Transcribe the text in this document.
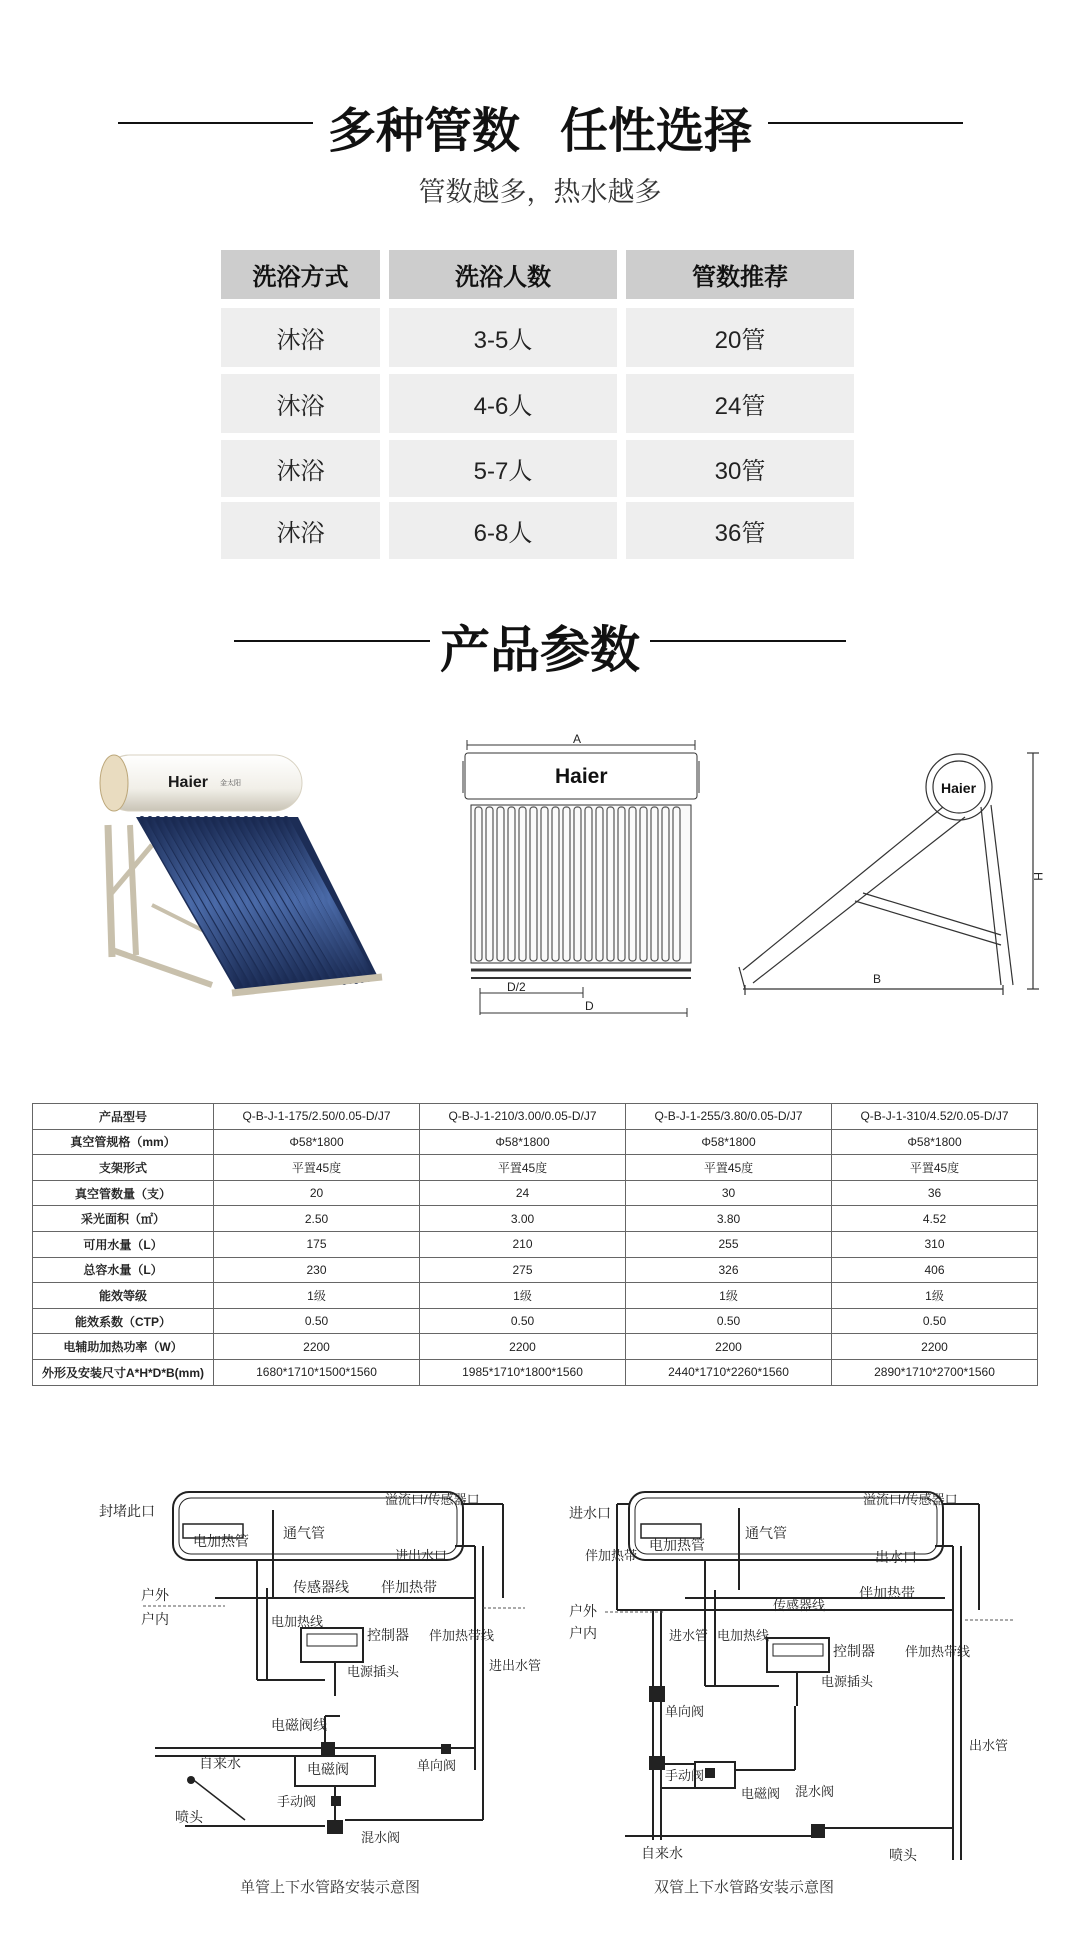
多种管数   任性选择
管数越多，热水越多
洗浴方式	洗浴人数	管数推荐
沐浴	3-5人	20管
沐浴	4-6人	24管
沐浴	5-7人	30管
沐浴	6-8人	36管
产品参数
Haier 金太阳
A
Haier
D/2
D
Haier
B
H
产品型号	Q-B-J-1-175/2.50/0.05-D/J7	Q-B-J-1-210/3.00/0.05-D/J7	Q-B-J-1-255/3.80/0.05-D/J7	Q-B-J-1-310/4.52/0.05-D/J7
真空管规格（mm）	Φ58*1800	Φ58*1800	Φ58*1800	Φ58*1800
支架形式	平置45度	平置45度	平置45度	平置45度
真空管数量（支）	20	24	30	36
采光面积（㎡）	2.50	3.00	3.80	4.52
可用水量（L）	175	210	255	310
总容水量（L）	230	275	326	406
能效等级	1级	1级	1级	1级
能效系数（CTP）	0.50	0.50	0.50	0.50
电辅助加热功率（W）	2200	2200	2200	2200
外形及安装尺寸A*H*D*B(mm)	1680*1710*1500*1560	1985*1710*1800*1560	2440*1710*2260*1560	2890*1710*2700*1560
封堵此口
电加热管 通气管
溢流口/传感器口
进出水口
传感器线 伴加热带
户外
户内	电加热线
控制器
电源插头
伴加热带线
进出水管
电磁阀线
自来水	电磁阀	单向阀
手动阀
喷头
混水阀
单管上下水管路安装示意图
进水口
伴加热带
电加热管
通气管
溢流口/传感器口
出水口
传感器线
伴加热带
户外
户内	进水管 电加热线
控制器
电源插头
伴加热带线
单向阀
手动阀
电磁阀 混水阀
出水管
自来水	喷头
双管上下水管路安装示意图
